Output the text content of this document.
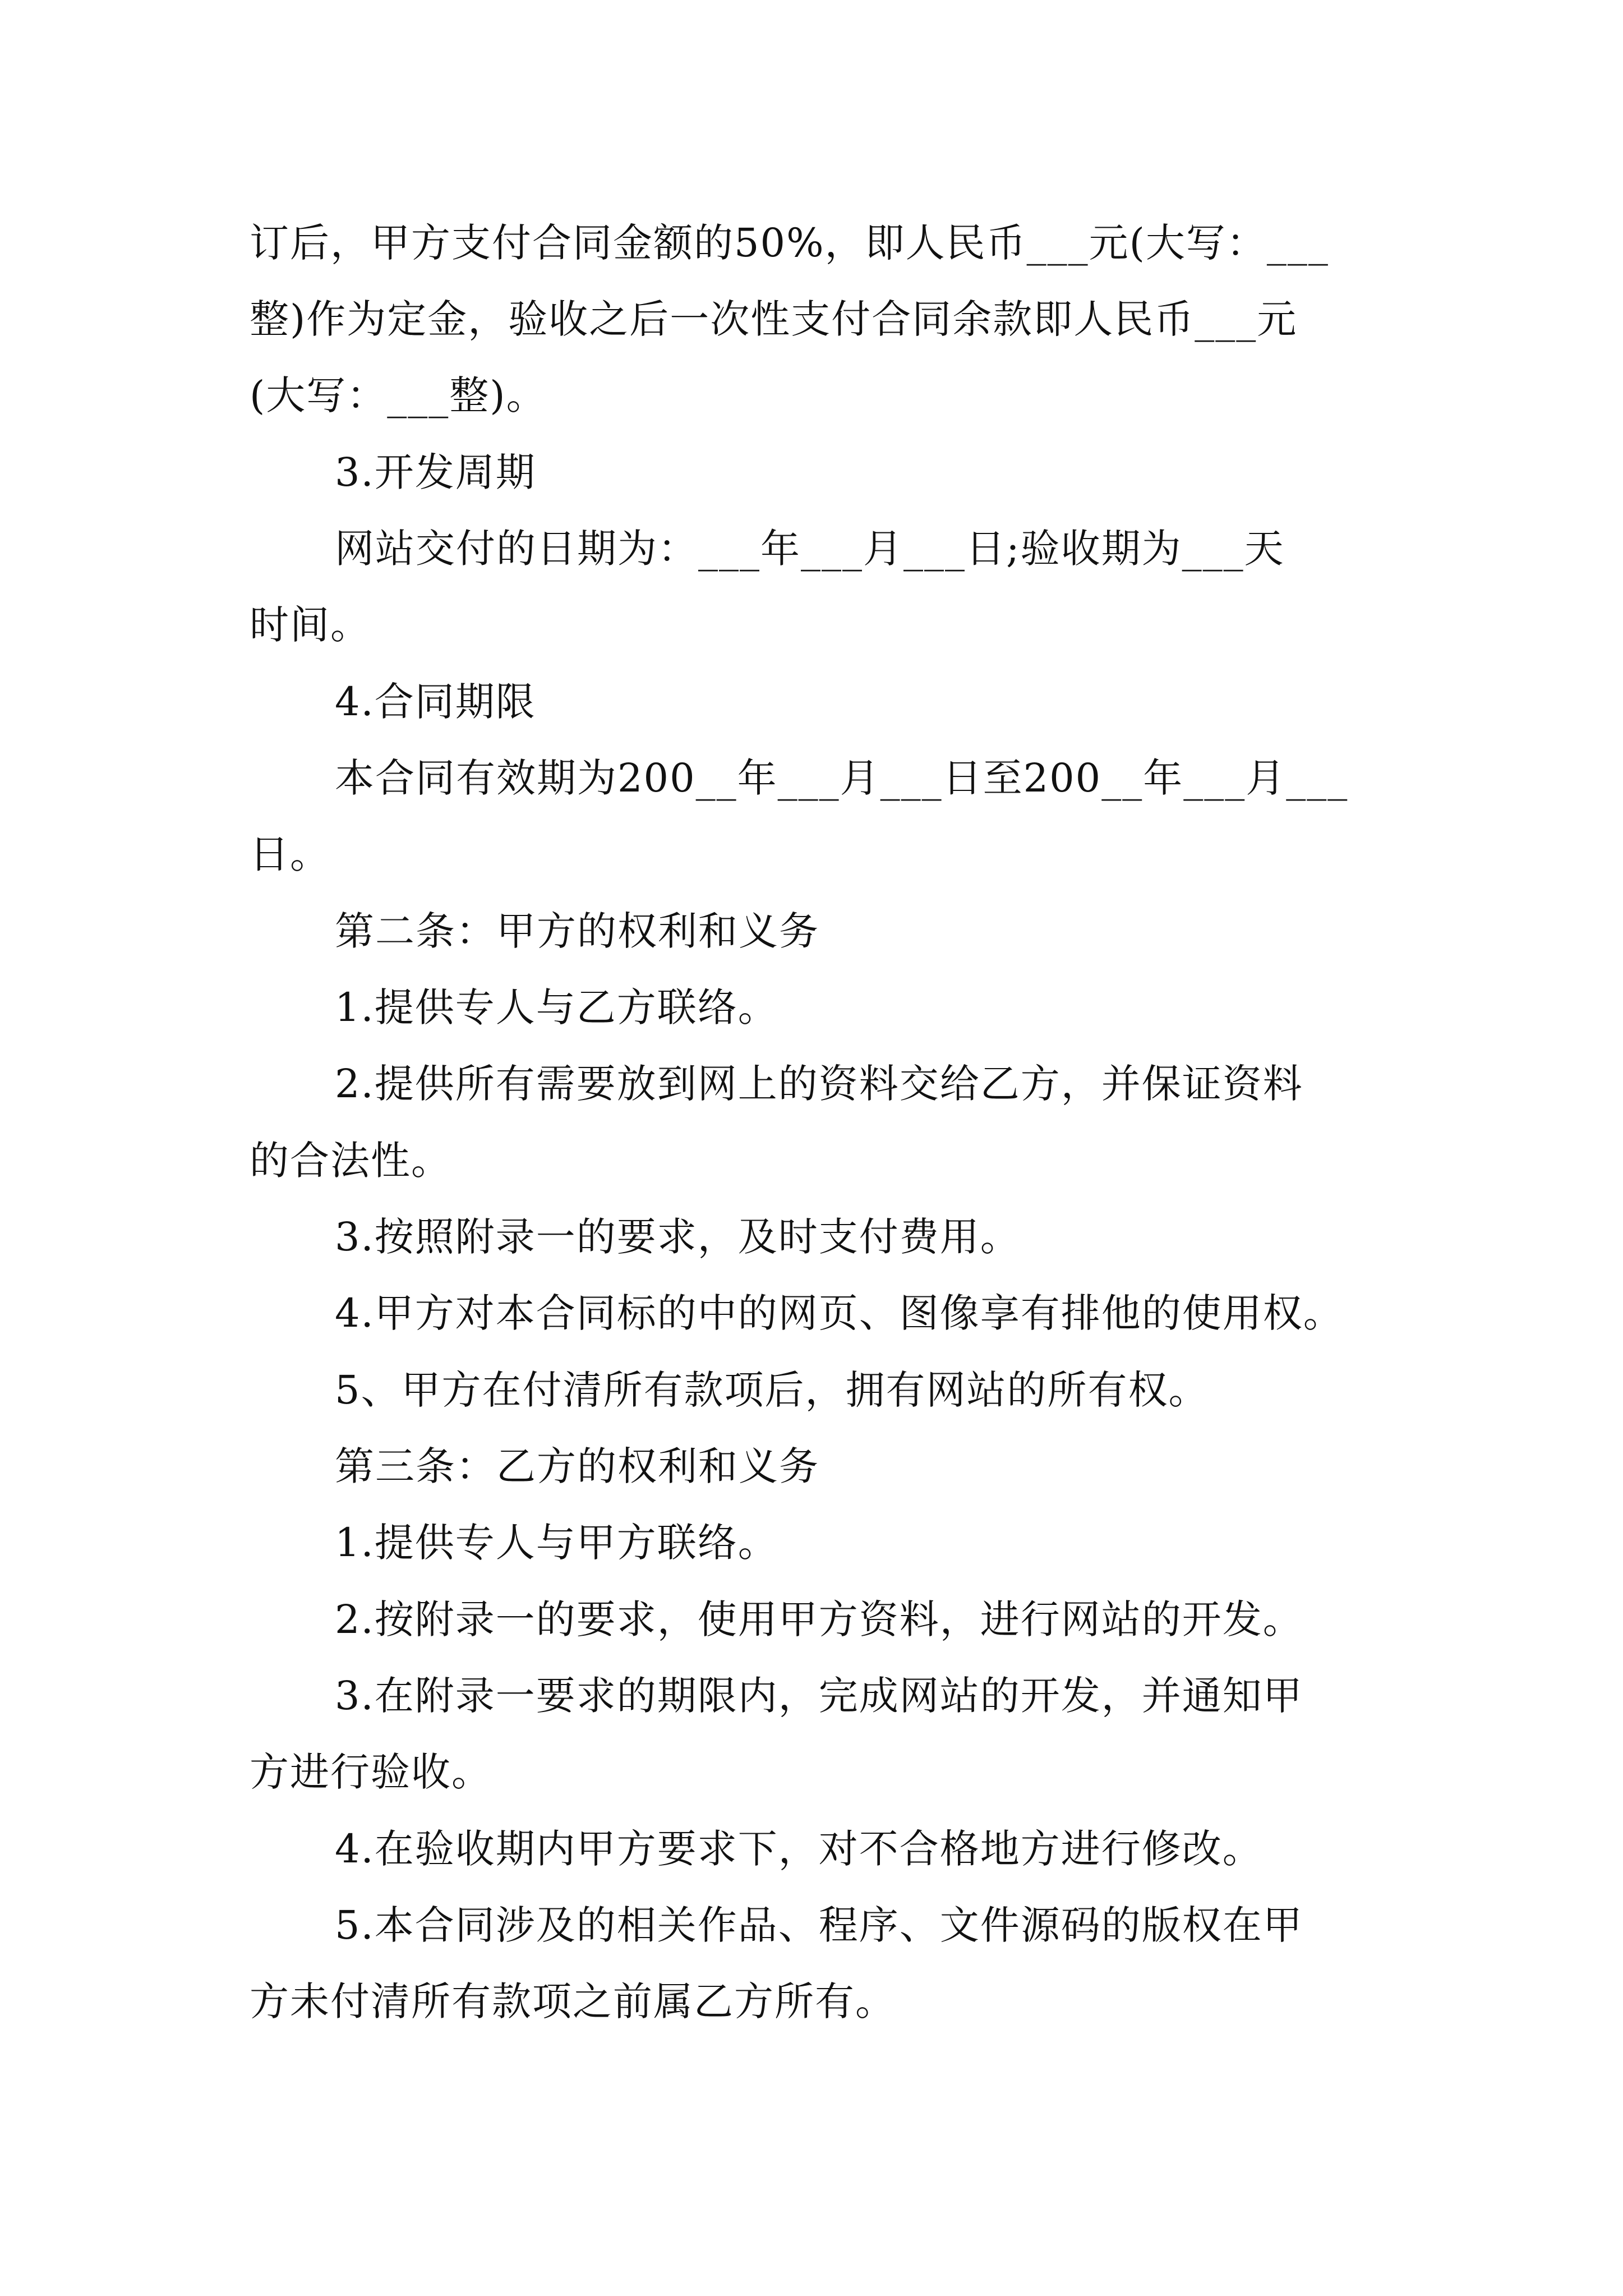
订后，甲方支付合同金额的50%，即人民币___元(大写：___

整)作为定金，验收之后一次性支付合同余款即人民币___元

(大写：___整)。

3.开发周期

网站交付的日期为：___年___月___日;验收期为___天

时间。

4.合同期限

本合同有效期为200__年___月___日至200__年___月___

日。

第二条：甲方的权利和义务

1.提供专人与乙方联络。

2.提供所有需要放到网上的资料交给乙方，并保证资料

的合法性。

3.按照附录一的要求，及时支付费用。

4.甲方对本合同标的中的网页、图像享有排他的使用权。

5、甲方在付清所有款项后，拥有网站的所有权。

第三条：乙方的权利和义务

1.提供专人与甲方联络。

2.按附录一的要求，使用甲方资料，进行网站的开发。

3.在附录一要求的期限内，完成网站的开发，并通知甲

方进行验收。

4.在验收期内甲方要求下，对不合格地方进行修改。

5.本合同涉及的相关作品、程序、文件源码的版权在甲

方未付清所有款项之前属乙方所有。
